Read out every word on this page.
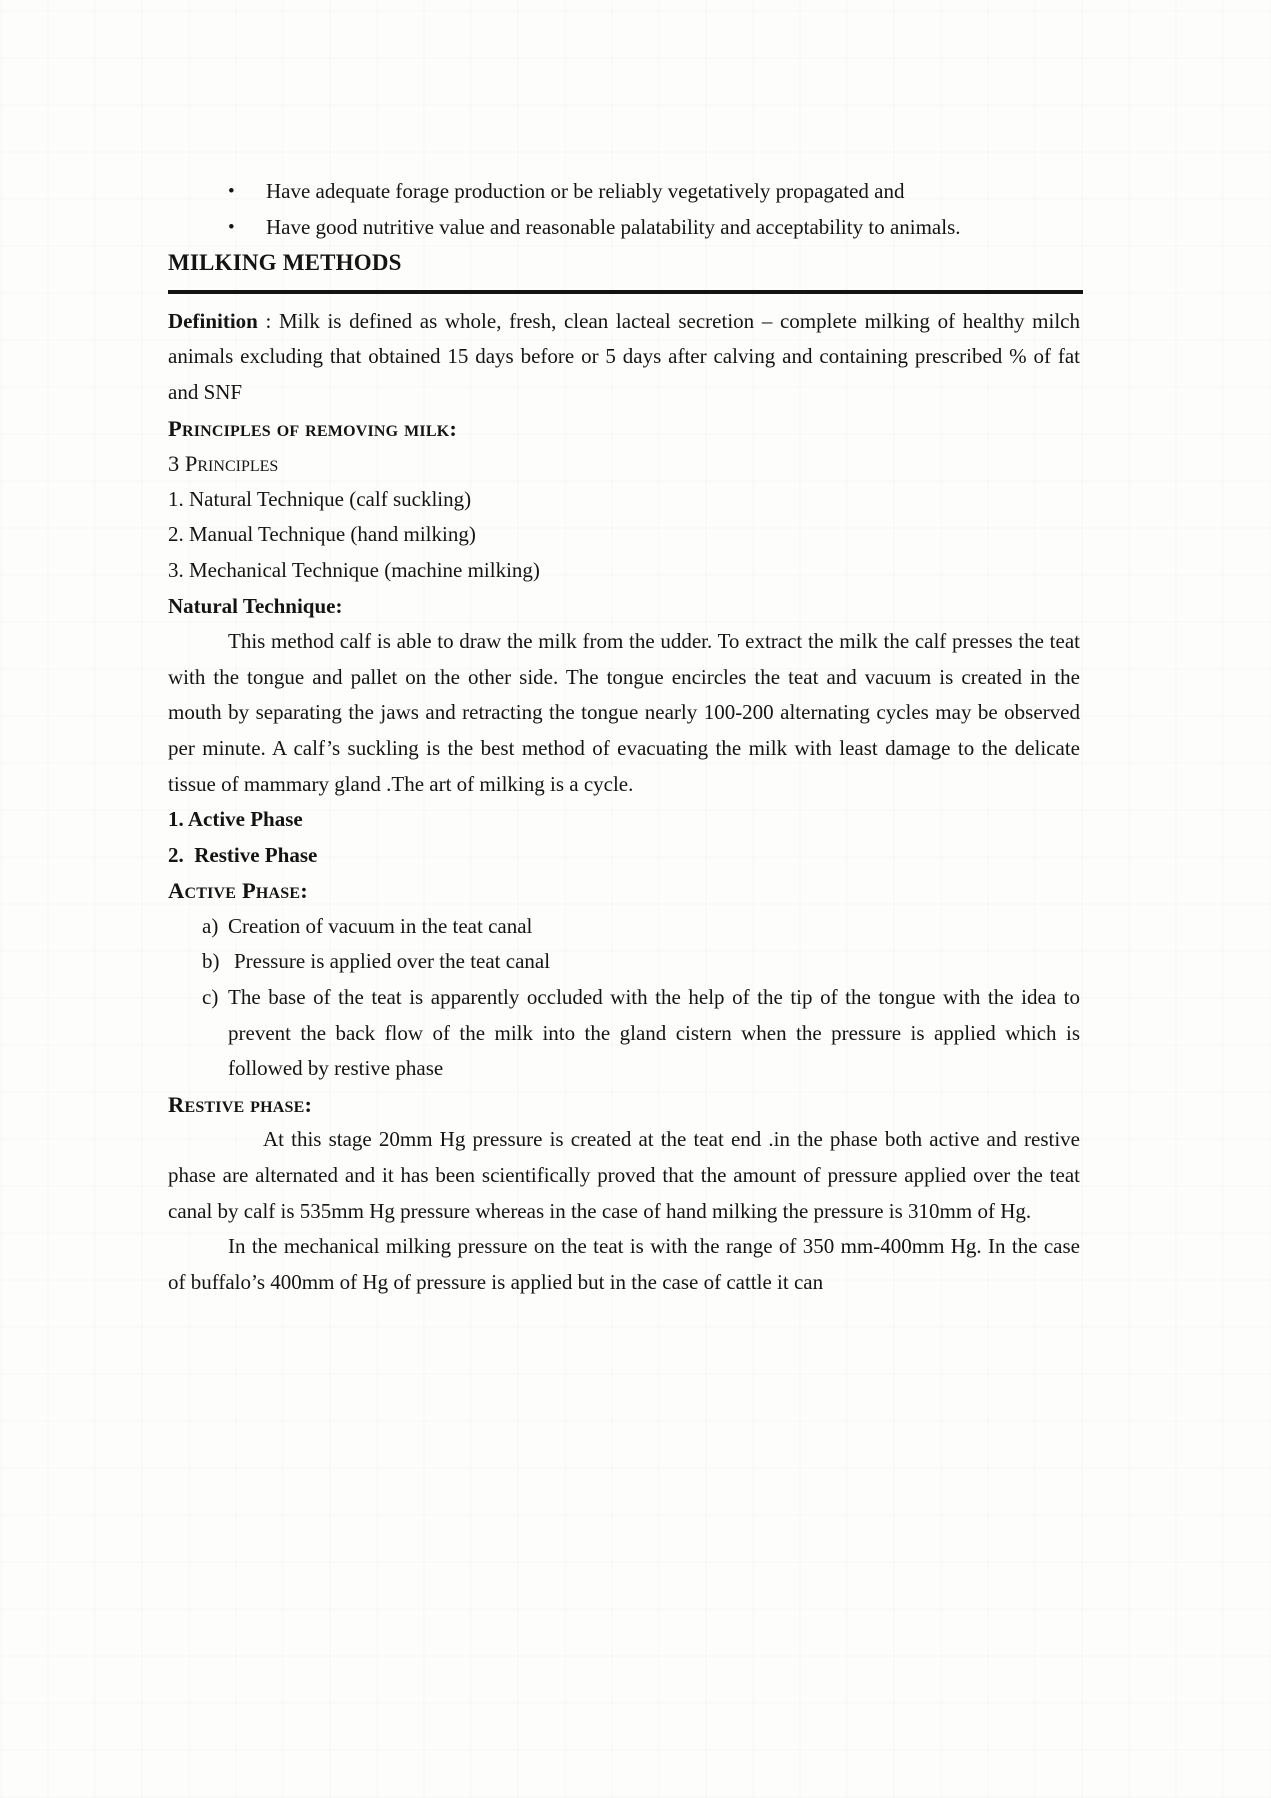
•	Have adequate forage production or be reliably vegetatively propagated and
•	Have good nutritive value and reasonable palatability and acceptability to animals.

MILKING METHODS

Definition : Milk is defined as whole, fresh, clean lacteal secretion – complete milking of healthy milch animals excluding that obtained 15 days before or 5 days after calving and containing prescribed % of fat and SNF

Principles of removing milk:

3 Principles

1. Natural Technique (calf suckling)

2. Manual Technique (hand milking)

3. Mechanical Technique (machine milking)

Natural Technique:

This method calf is able to draw the milk from the udder. To extract the milk the calf presses the teat with the tongue and pallet on the other side. The tongue encircles the teat and vacuum is created in the mouth by separating the jaws and retracting the tongue nearly 100-200 alternating cycles may be observed per minute. A calf’s suckling is the best method of evacuating the milk with least damage to the delicate tissue of mammary gland .The art of milking is a cycle.

1. Active Phase

2.  Restive Phase

Active Phase:

a) Creation of vacuum in the teat canal
b) Pressure is applied over the teat canal
c) The base of the teat is apparently occluded with the help of the tip of the tongue with the idea to prevent the back flow of the milk into the gland cistern when the pressure is applied which is followed by restive phase

Restive phase:

At this stage 20mm Hg pressure is created at the teat end .in the phase both active and restive phase are alternated and it has been scientifically proved that the amount of pressure applied over the teat canal by calf is 535mm Hg pressure whereas in the case of hand milking the pressure is 310mm of Hg.

In the mechanical milking pressure on the teat is with the range of 350 mm-400mm Hg. In the case of buffalo’s 400mm of Hg of pressure is applied but in the case of cattle it can
